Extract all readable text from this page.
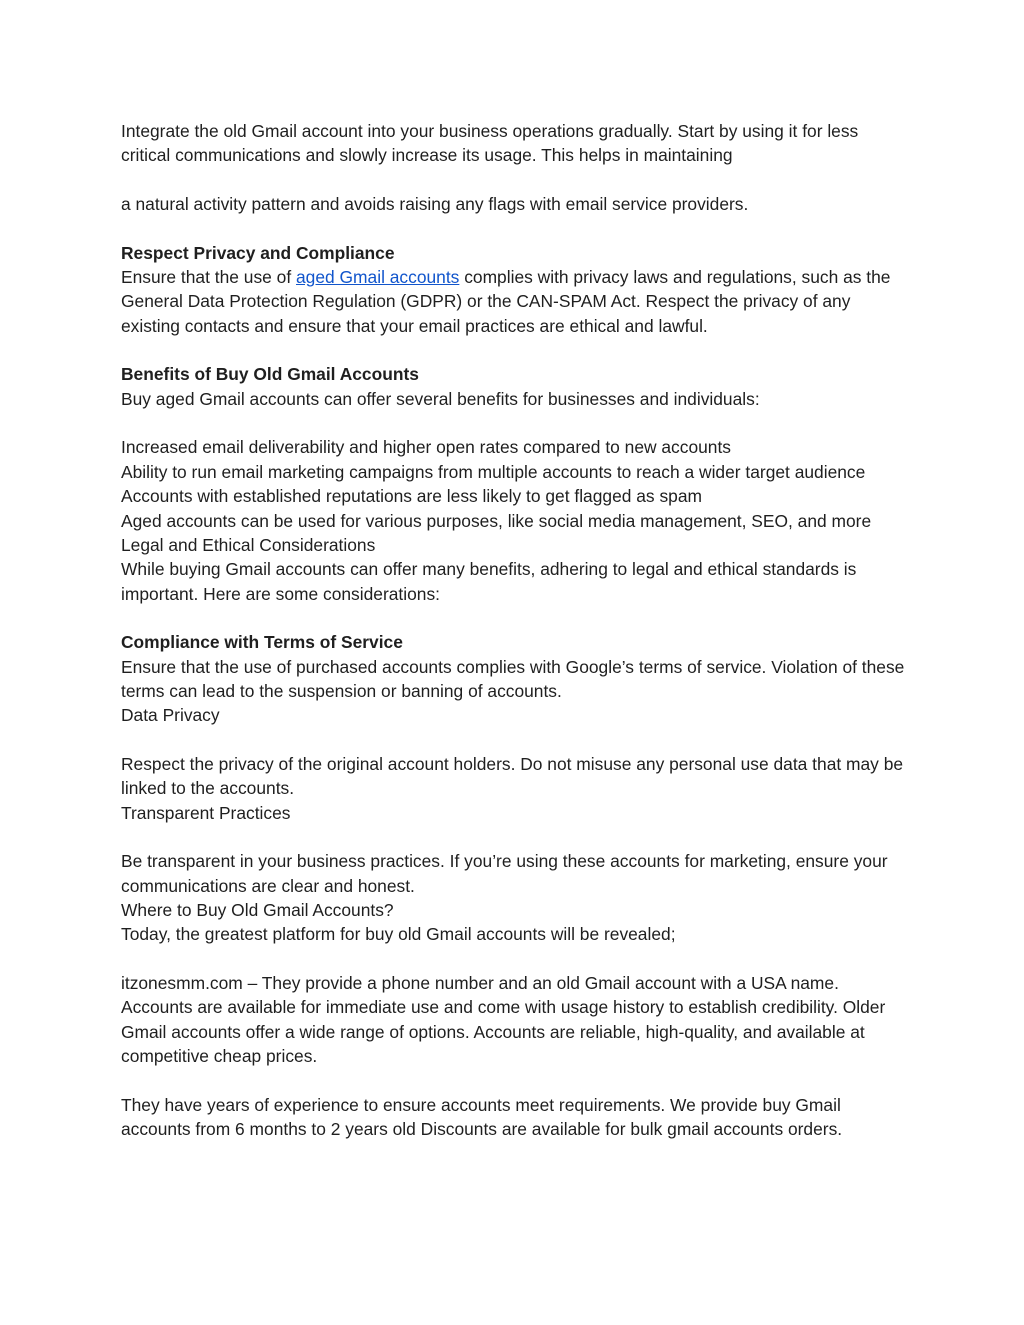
Integrate the old Gmail account into your business operations gradually. Start by using it for less critical communications and slowly increase its usage. This helps in maintaining

a natural activity pattern and avoids raising any flags with email service providers.

Respect Privacy and Compliance

Ensure that the use of aged Gmail accounts complies with privacy laws and regulations, such as the General Data Protection Regulation (GDPR) or the CAN-SPAM Act. Respect the privacy of any existing contacts and ensure that your email practices are ethical and lawful.

Benefits of Buy Old Gmail Accounts

Buy aged Gmail accounts can offer several benefits for businesses and individuals:

Increased email deliverability and higher open rates compared to new accounts

Ability to run email marketing campaigns from multiple accounts to reach a wider target audience

Accounts with established reputations are less likely to get flagged as spam

Aged accounts can be used for various purposes, like social media management, SEO, and more

Legal and Ethical Considerations

While buying Gmail accounts can offer many benefits, adhering to legal and ethical standards is important. Here are some considerations:

Compliance with Terms of Service

Ensure that the use of purchased accounts complies with Google’s terms of service. Violation of these terms can lead to the suspension or banning of accounts.

Data Privacy

Respect the privacy of the original account holders. Do not misuse any personal use data that may be linked to the accounts.

Transparent Practices

Be transparent in your business practices. If you’re using these accounts for marketing, ensure your communications are clear and honest.

Where to Buy Old Gmail Accounts?

Today, the greatest platform for buy old Gmail accounts will be revealed;

itzonesmm.com – They provide a phone number and an old Gmail account with a USA name. Accounts are available for immediate use and come with usage history to establish credibility. Older Gmail accounts offer a wide range of options. Accounts are reliable, high-quality, and available at competitive cheap prices.

They have years of experience to ensure accounts meet requirements. We provide buy Gmail accounts from 6 months to 2 years old Discounts are available for bulk gmail accounts orders.
